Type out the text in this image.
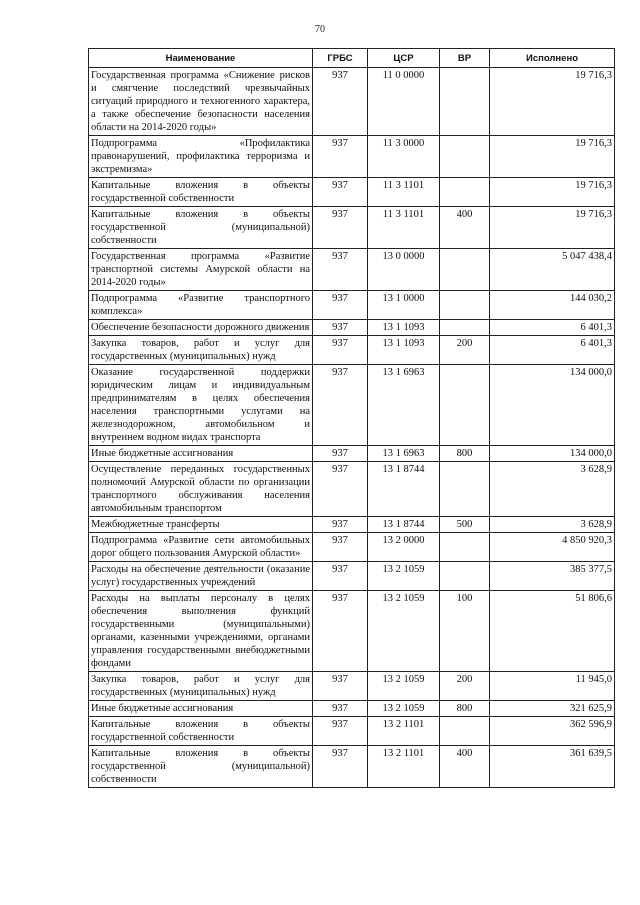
70
Наименование	ГРБС	ЦСР	ВР	Исполнено
Государственная программа «Снижение рисков и смягчение последствий чрезвычайных ситуаций природного и техногенного характера, а также обеспечение безопасности населения области на 2014-2020 годы»	937	11 0 0000		19 716,3
Подпрограмма «Профилактика правонарушений, профилактика терроризма и экстремизма»	937	11 3 0000		19 716,3
Капитальные вложения в объекты государственной собственности	937	11 3 1101		19 716,3
Капитальные вложения в объекты государственной (муниципальной) собственности	937	11 3 1101	400	19 716,3
Государственная программа «Развитие транспортной системы Амурской области на 2014-2020 годы»	937	13 0 0000		5 047 438,4
Подпрограмма «Развитие транспортного комплекса»	937	13 1 0000		144 030,2
Обеспечение безопасности дорожного движения	937	13 1 1093		6 401,3
Закупка товаров, работ и услуг для государственных (муниципальных) нужд	937	13 1 1093	200	6 401,3
Оказание государственной поддержки юридическим лицам и индивидуальным предпринимателям в целях обеспечения населения транспортными услугами на железнодорожном, автомобильном и внутреннем водном видах транспорта	937	13 1 6963		134 000,0
Иные бюджетные ассигнования	937	13 1 6963	800	134 000,0
Осуществление переданных государственных полномочий Амурской области по организации транспортного обслуживания населения автомобильным транспортом	937	13 1 8744		3 628,9
Межбюджетные трансферты	937	13 1 8744	500	3 628,9
Подпрограмма «Развитие сети автомобильных дорог общего пользования Амурской области»	937	13 2 0000		4 850 920,3
Расходы на обеспечение деятельности (оказание услуг) государственных учреждений	937	13 2 1059		385 377,5
Расходы на выплаты персоналу в целях обеспечения выполнения функций государственными (муниципальными) органами, казенными учреждениями, органами управления государственными внебюджетными фондами	937	13 2 1059	100	51 806,6
Закупка товаров, работ и услуг для государственных (муниципальных) нужд	937	13 2 1059	200	11 945,0
Иные бюджетные ассигнования	937	13 2 1059	800	321 625,9
Капитальные вложения в объекты государственной собственности	937	13 2 1101		362 596,9
Капитальные вложения в объекты государственной (муниципальной) собственности	937	13 2 1101	400	361 639,5
